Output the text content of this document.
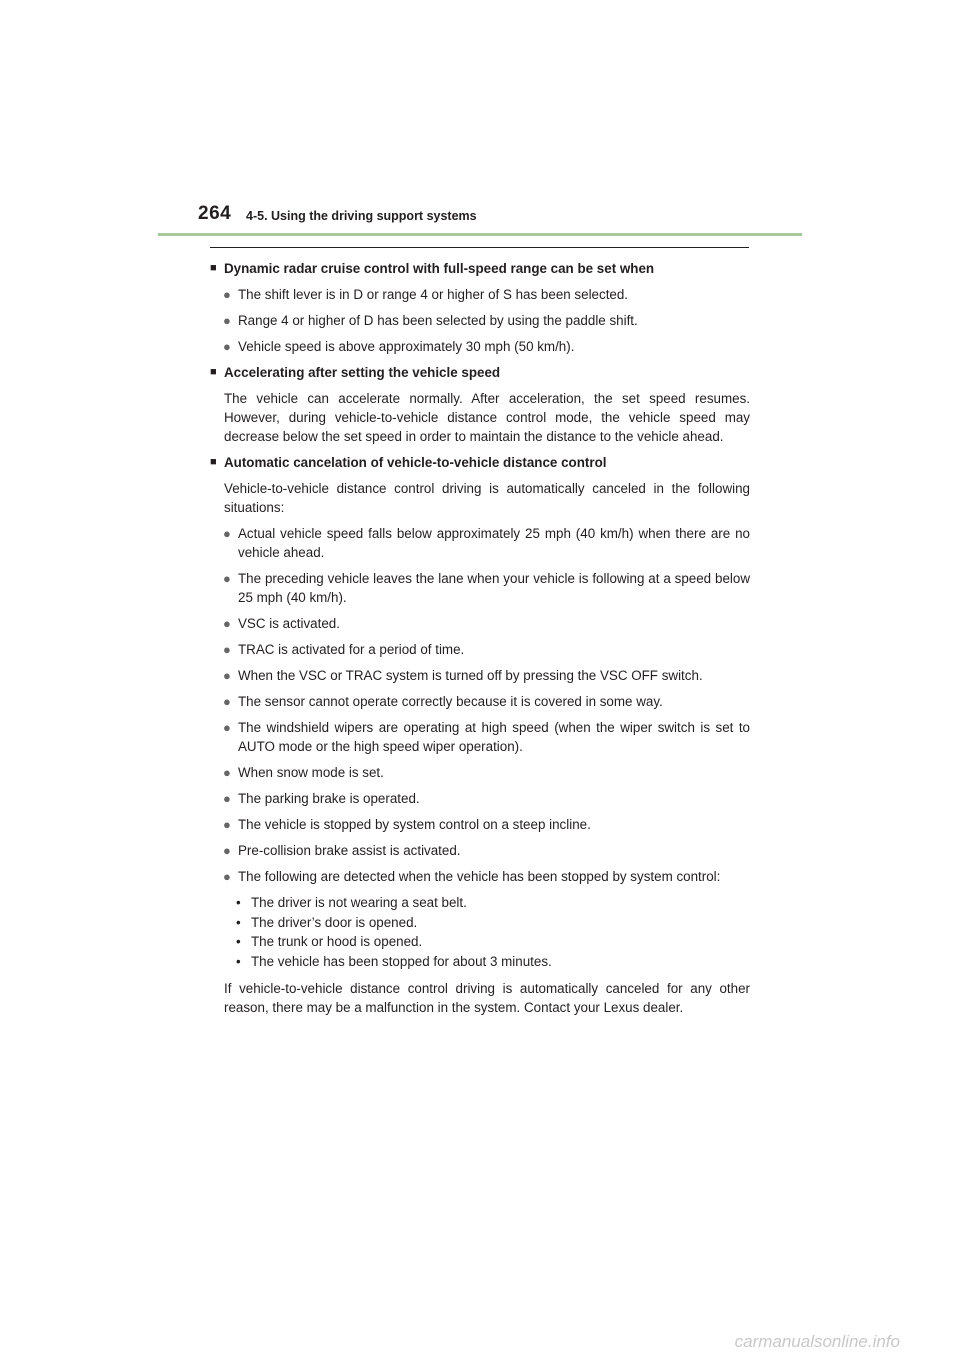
264 4-5. Using the driving support systems
■ Dynamic radar cruise control with full-speed range can be set when
● The shift lever is in D or range 4 or higher of S has been selected.
● Range 4 or higher of D has been selected by using the paddle shift.
● Vehicle speed is above approximately 30 mph (50 km/h).
■ Accelerating after setting the vehicle speed
The vehicle can accelerate normally. After acceleration, the set speed resumes. However, during vehicle-to-vehicle distance control mode, the vehicle speed may decrease below the set speed in order to maintain the distance to the vehicle ahead.
■ Automatic cancelation of vehicle-to-vehicle distance control
Vehicle-to-vehicle distance control driving is automatically canceled in the following situations:
● Actual vehicle speed falls below approximately 25 mph (40 km/h) when there are no vehicle ahead.
● The preceding vehicle leaves the lane when your vehicle is following at a speed below 25 mph (40 km/h).
● VSC is activated.
● TRAC is activated for a period of time.
● When the VSC or TRAC system is turned off by pressing the VSC OFF switch.
● The sensor cannot operate correctly because it is covered in some way.
● The windshield wipers are operating at high speed (when the wiper switch is set to AUTO mode or the high speed wiper operation).
● When snow mode is set.
● The parking brake is operated.
● The vehicle is stopped by system control on a steep incline.
● Pre-collision brake assist is activated.
● The following are detected when the vehicle has been stopped by system control:
• The driver is not wearing a seat belt.
• The driver’s door is opened.
• The trunk or hood is opened.
• The vehicle has been stopped for about 3 minutes.
If vehicle-to-vehicle distance control driving is automatically canceled for any other reason, there may be a malfunction in the system. Contact your Lexus dealer.
carmanualsonline.info
